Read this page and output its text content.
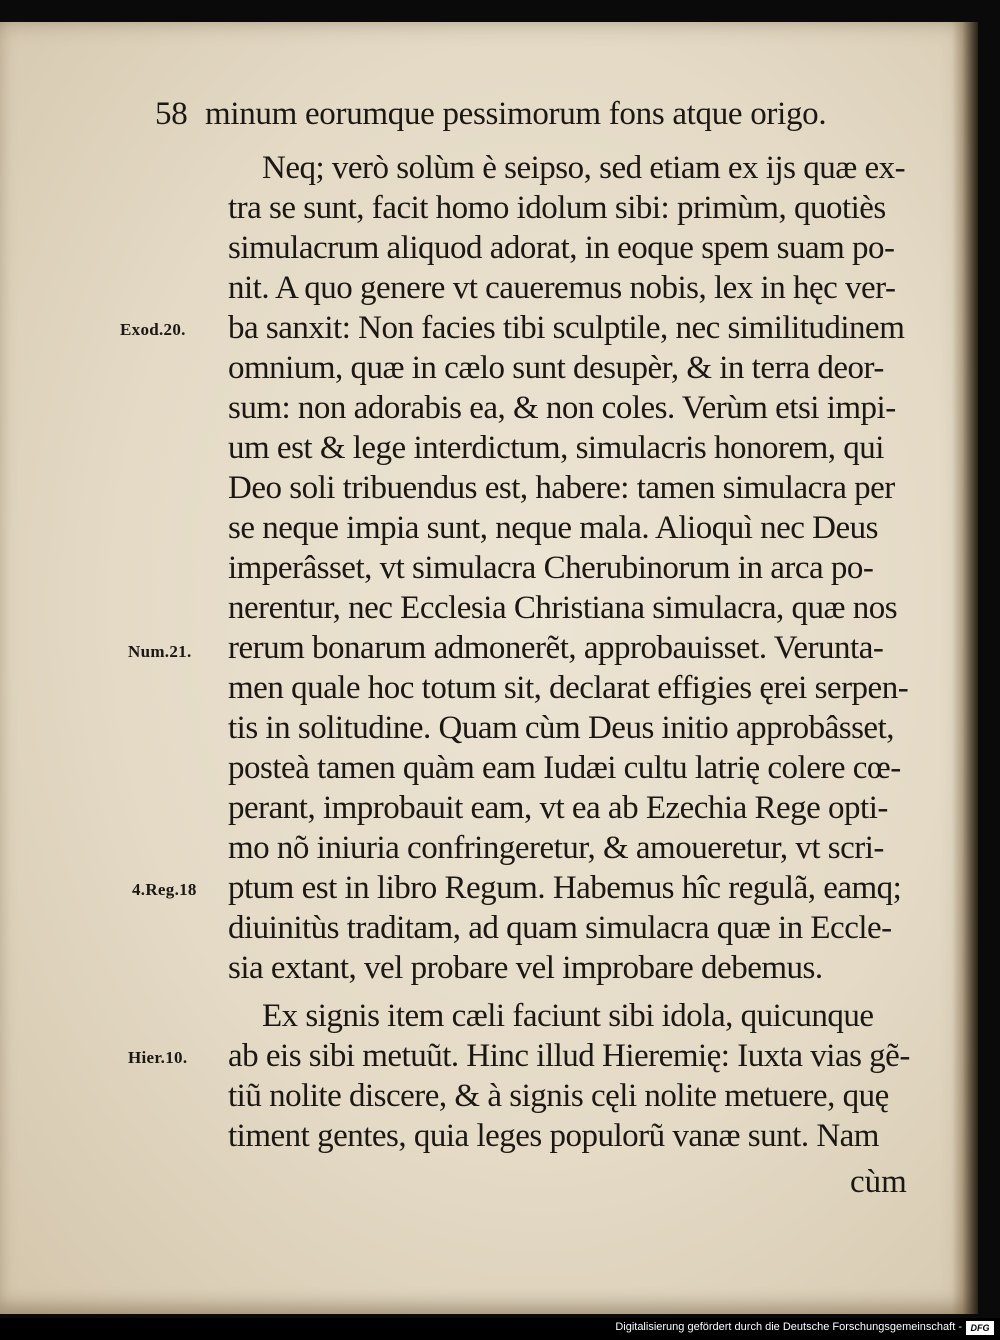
58 minum eorumque pessimorum fons atque origo.
Neq; verò solùm è seipso, sed etiam ex ijs quæ ex-
tra se sunt, facit homo idolum sibi: primùm, quotiès
simulacrum aliquod adorat, in eoque spem suam po-
nit. A quo genere vt caueremus nobis, lex in hęc ver-
ba sanxit: Non facies tibi sculptile, nec similitudinem
omnium, quæ in cælo sunt desupèr, & in terra deor-
sum: non adorabis ea, & non coles. Verùm etsi impi-
um est & lege interdictum, simulacris honorem, qui
Deo soli tribuendus est, habere: tamen simulacra per
se neque impia sunt, neque mala. Alioquì nec Deus
imperâsset, vt simulacra Cherubinorum in arca po-
nerentur, nec Ecclesia Christiana simulacra, quæ nos
rerum bonarum admonerẽt, approbauisset. Verunta-
men quale hoc totum sit, declarat effigies ęrei serpen-
tis in solitudine. Quam cùm Deus initio approbâsset,
posteà tamen quàm eam Iudæi cultu latrię colere cœ-
perant, improbauit eam, vt ea ab Ezechia Rege opti-
mo nõ iniuria confringeretur, & amoueretur, vt scri-
ptum est in libro Regum. Habemus hîc regulã, eamq;
diuinitùs traditam, ad quam simulacra quæ in Eccle-
sia extant, vel probare vel improbare debemus.
Ex signis item cæli faciunt sibi idola, quicunque
ab eis sibi metuũt. Hinc illud Hieremię: Iuxta vias gẽ-
tiũ nolite discere, & à signis cęli nolite metuere, quę
timent gentes, quia leges populorũ vanæ sunt. Nam
cùm
Exod.20.
Num.21.
4.Reg.18
Hier.10.
Digitalisierung gefördert durch die Deutsche Forschungsgemeinschaft - DFG
